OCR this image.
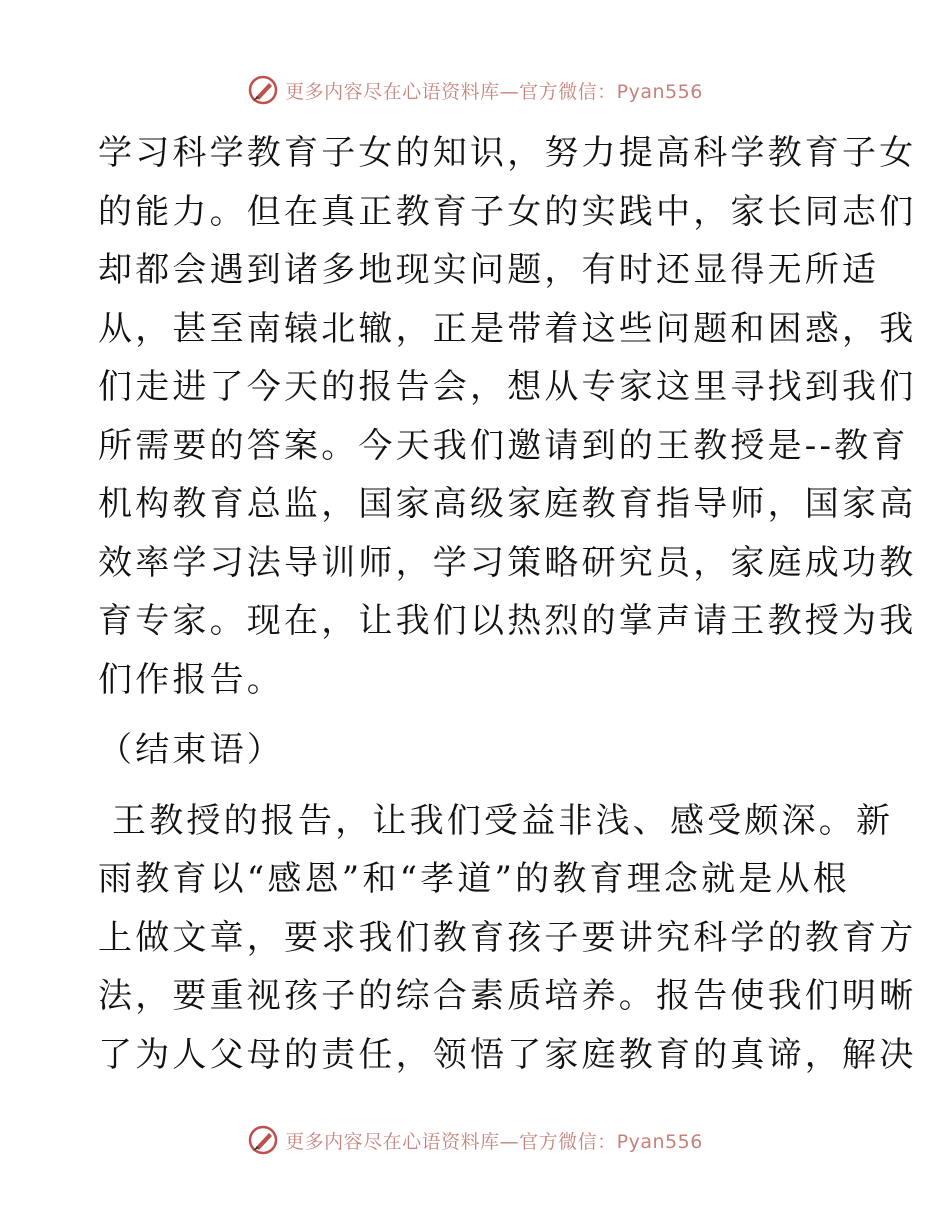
更多内容尽在心语资料库—官方微信：Pyan556
学习科学教育子女的知识，努力提高科学教育子女
的能力。但在真正教育子女的实践中，家长同志们
却都会遇到诸多地现实问题，有时还显得无所适
从，甚至南辕北辙，正是带着这些问题和困惑，我
们走进了今天的报告会，想从专家这里寻找到我们
所需要的答案。今天我们邀请到的王教授是--教育
机构教育总监，国家高级家庭教育指导师，国家高
效率学习法导训师，学习策略研究员，家庭成功教
育专家。现在，让我们以热烈的掌声请王教授为我
们作报告。
（结束语）
王教授的报告，让我们受益非浅、感受颇深。新
雨教育以“感恩”和“孝道”的教育理念就是从根
上做文章，要求我们教育孩子要讲究科学的教育方
法，要重视孩子的综合素质培养。报告使我们明晰
了为人父母的责任，领悟了家庭教育的真谛，解决
更多内容尽在心语资料库—官方微信：Pyan556
